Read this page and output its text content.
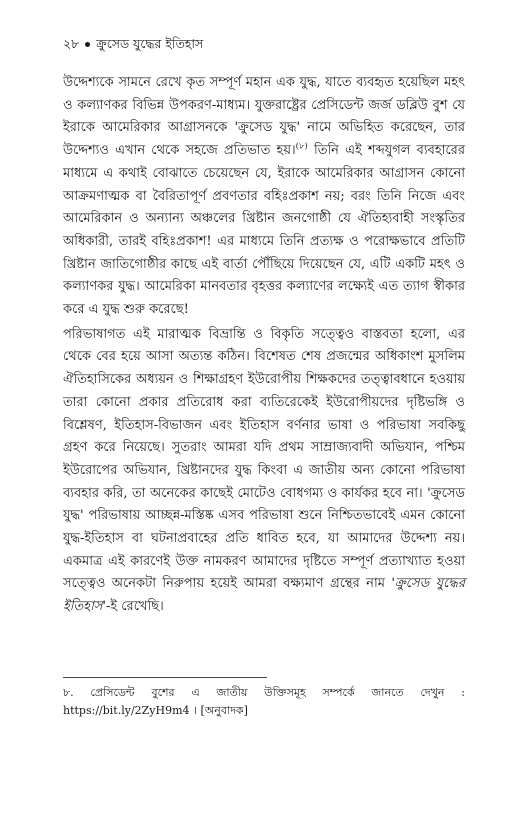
২৮ ক্রুসেড যুদ্ধের ইতিহাস

উদ্দেশ্যকে সামনে রেখে কৃত সম্পূর্ণ মহান এক যুদ্ধ, যাতে ব্যবহৃত হয়েছিল মহৎ ও কল্যাণকর বিভিন্ন উপকরণ-মাধ্যম। যুক্তরাষ্ট্রের প্রেসিডেন্ট জর্জ ডব্লিউ বুশ যে ইরাকে আমেরিকার আগ্রাসনকে 'ক্রুসেড যুদ্ধ' নামে অভিহিত করেছেন, তার উদ্দেশ্যও এখান থেকে সহজে প্রতিভাত হয়।$^{(৮)}$ তিনি এই শব্দযুগল ব্যবহারের মাধ্যমে এ কথাই বোঝাতে চেয়েছেন যে, ইরাকে আমেরিকার আগ্রাসন কোনো আক্রমণাত্মক বা বৈরিতাপূর্ণ প্রবণতার বহিঃপ্রকাশ নয়; বরং তিনি নিজে এবং আমেরিকান ও অন্যান্য অঞ্চলের খ্রিষ্টান জনগোষ্ঠী যে ঐতিহ্যবাহী সংস্কৃতির অধিকারী, তারই বহিঃপ্রকাশ! এর মাধ্যমে তিনি প্রত্যক্ষ ও পরোক্ষভাবে প্রতিটি খ্রিষ্টান জাতিগোষ্ঠীর কাছে এই বার্তা পৌঁছিয়ে দিয়েছেন যে, এটি একটি মহৎ ও কল্যাণকর যুদ্ধ। আমেরিকা মানবতার বৃহত্তর কল্যাণের লক্ষ্যেই এত ত্যাগ স্বীকার করে এ যুদ্ধ শুরু করেছে!

পরিভাষাগত এই মারাত্মক বিভ্রান্তি ও বিকৃতি সত্ত্বেও বাস্তবতা হলো, এর থেকে বের হয়ে আসা অত্যন্ত কঠিন। বিশেষত শেষ প্রজন্মের অধিকাংশ মুসলিম ঐতিহাসিকের অধ্যয়ন ও শিক্ষাগ্রহণ ইউরোপীয় শিক্ষকদের তত্ত্বাবধানে হওয়ায় তারা কোনো প্রকার প্রতিরোধ করা ব্যতিরেকেই ইউরোপীয়দের দৃষ্টিভঙ্গি ও বিশ্লেষণ, ইতিহাস-বিভাজন এবং ইতিহাস বর্ণনার ভাষা ও পরিভাষা সবকিছু গ্রহণ করে নিয়েছে। সুতরাং আমরা যদি প্রথম সাম্রাজ্যবাদী অভিযান, পশ্চিম ইউরোপের অভিযান, খ্রিষ্টানদের যুদ্ধ কিংবা এ জাতীয় অন্য কোনো পরিভাষা ব্যবহার করি, তা অনেকের কাছেই মোটেও বোধগম্য ও কার্যকর হবে না। 'ক্রুসেড যুদ্ধ' পরিভাষায় আচ্ছন্ন-মস্তিষ্ক এসব পরিভাষা শুনে নিশ্চিতভাবেই এমন কোনো যুদ্ধ-ইতিহাস বা ঘটনাপ্রবাহের প্রতি ধাবিত হবে, যা আমাদের উদ্দেশ্য নয়। একমাত্র এই কারণেই উক্ত নামকরণ আমাদের দৃষ্টিতে সম্পূর্ণ প্রত্যাখ্যাত হওয়া সত্ত্বেও অনেকটা নিরুপায় হয়েই আমরা বক্ষ্যমাণ গ্রন্থের নাম 'ক্রুসেড যুদ্ধের ইতিহাস'-ই রেখেছি।

৮. প্রেসিডেন্ট বুশের এ জাতীয় উক্তিসমূহ সম্পর্কে জানতে দেখুন : https://bit.ly/2ZyH9m4 । [অনুবাদক]
